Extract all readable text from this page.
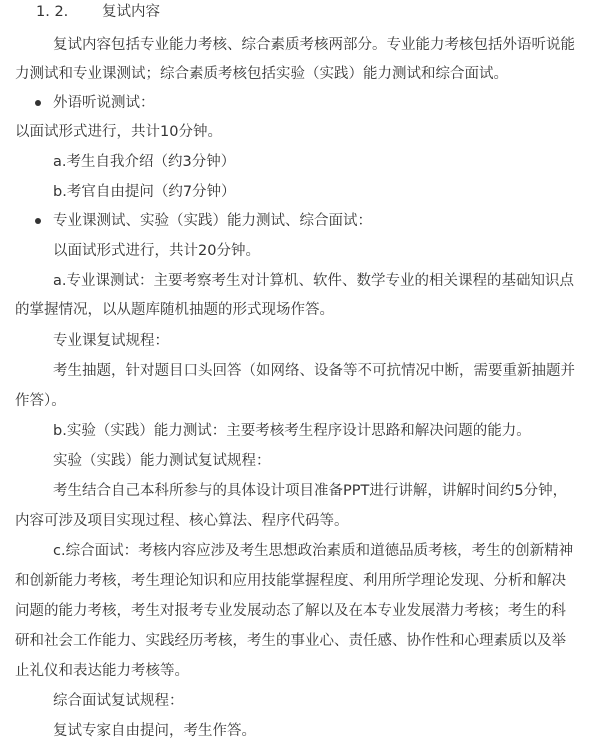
1. 2. 复试内容
复试内容包括专业能力考核、综合素质考核两部分。专业能力考核包括外语听说能
力测试和专业课测试；综合素质考核包括实验（实践）能力测试和综合面试。
外语听说测试：
以面试形式进行，共计10分钟。
a.考生自我介绍（约3分钟）
b.考官自由提问（约7分钟）
专业课测试、实验（实践）能力测试、综合面试：
以面试形式进行，共计20分钟。
a.专业课测试：主要考察考生对计算机、软件、数学专业的相关课程的基础知识点
的掌握情况，以从题库随机抽题的形式现场作答。
专业课复试规程：
考生抽题，针对题目口头回答（如网络、设备等不可抗情况中断，需要重新抽题并
作答）。
b.实验（实践）能力测试：主要考核考生程序设计思路和解决问题的能力。
实验（实践）能力测试复试规程：
考生结合自己本科所参与的具体设计项目准备PPT进行讲解，讲解时间约5分钟，
内容可涉及项目实现过程、核心算法、程序代码等。
c.综合面试：考核内容应涉及考生思想政治素质和道德品质考核，考生的创新精神
和创新能力考核，考生理论知识和应用技能掌握程度、利用所学理论发现、分析和解决
问题的能力考核，考生对报考专业发展动态了解以及在本专业发展潜力考核；考生的科
研和社会工作能力、实践经历考核，考生的事业心、责任感、协作性和心理素质以及举
止礼仪和表达能力考核等。
综合面试复试规程：
复试专家自由提问，考生作答。
